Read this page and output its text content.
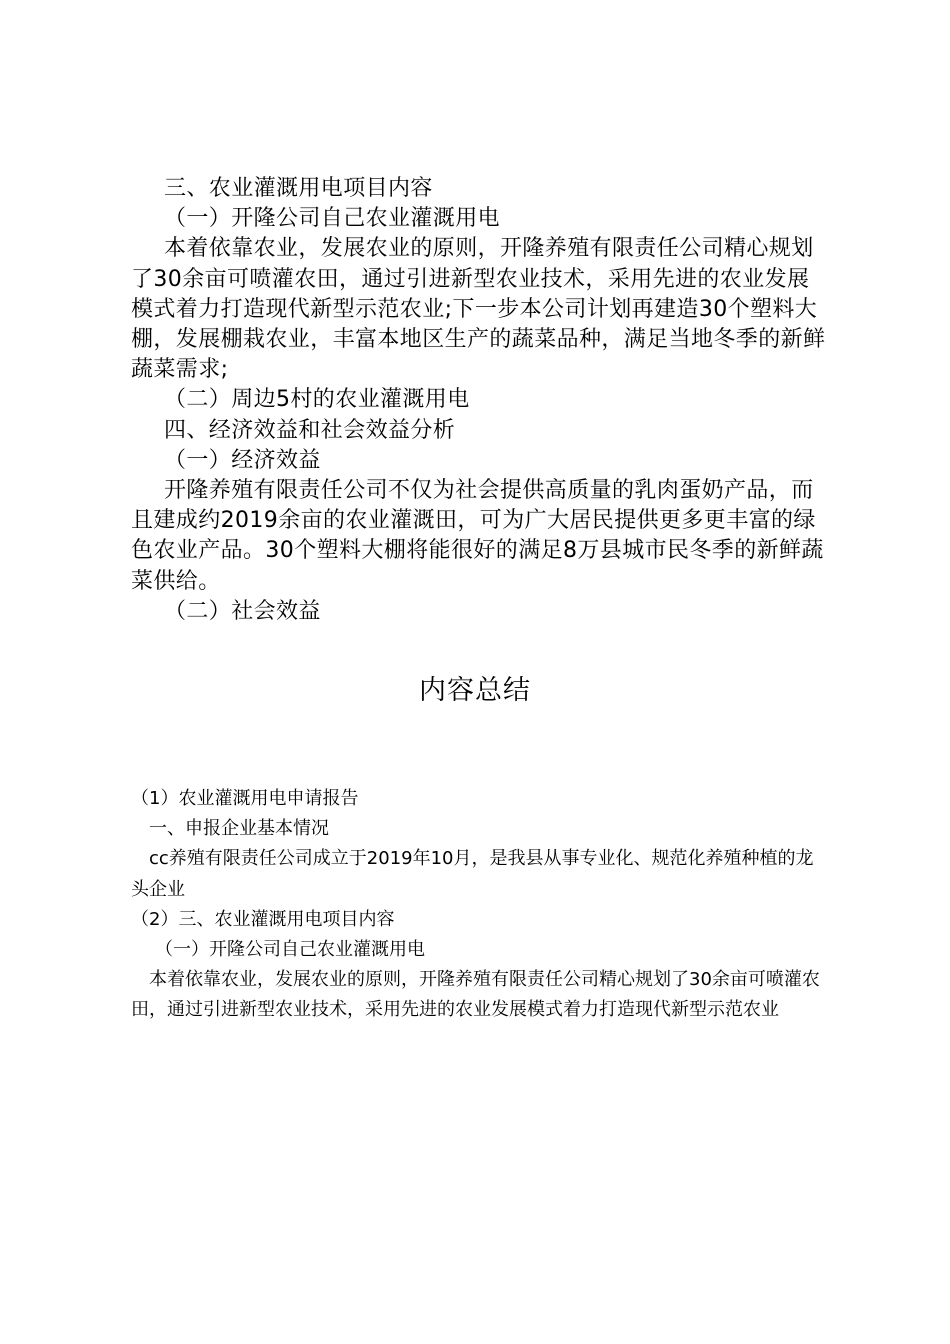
三、农业灌溉用电项目内容

（一）开隆公司自己农业灌溉用电

本着依靠农业，发展农业的原则，开隆养殖有限责任公司精心规划了30余亩可喷灌农田，通过引进新型农业技术，采用先进的农业发展模式着力打造现代新型示范农业;下一步本公司计划再建造30个塑料大棚，发展棚栽农业，丰富本地区生产的蔬菜品种，满足当地冬季的新鲜蔬菜需求;

（二）周边5村的农业灌溉用电

四、经济效益和社会效益分析

（一）经济效益

开隆养殖有限责任公司不仅为社会提供高质量的乳肉蛋奶产品，而且建成约2019余亩的农业灌溉田，可为广大居民提供更多更丰富的绿色农业产品。30个塑料大棚将能很好的满足8万县城市民冬季的新鲜蔬菜供给。

（二）社会效益

内容总结

（1）农业灌溉用电申请报告

一、申报企业基本情况

cc养殖有限责任公司成立于2019年10月，是我县从事专业化、规范化养殖种植的龙头企业

（2）三、农业灌溉用电项目内容

（一）开隆公司自己农业灌溉用电

本着依靠农业，发展农业的原则，开隆养殖有限责任公司精心规划了30余亩可喷灌农田，通过引进新型农业技术，采用先进的农业发展模式着力打造现代新型示范农业
